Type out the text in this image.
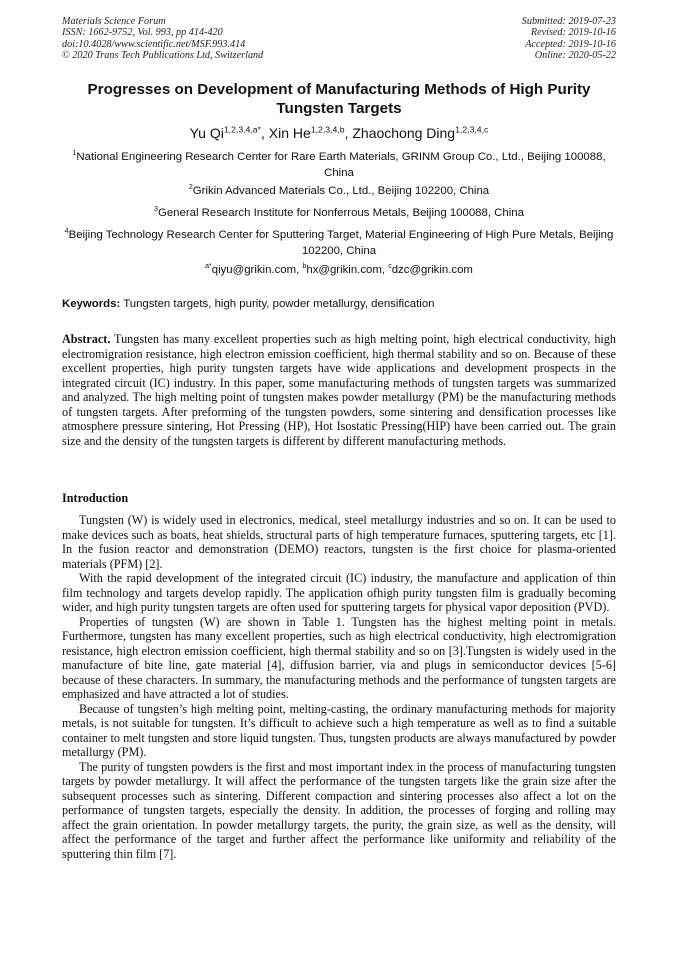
Materials Science Forum
ISSN: 1662-9752, Vol. 993, pp 414-420
doi:10.4028/www.scientific.net/MSF.993.414
© 2020 Trans Tech Publications Ltd, Switzerland
Submitted: 2019-07-23
Revised: 2019-10-16
Accepted: 2019-10-16
Online: 2020-05-22
Progresses on Development of Manufacturing Methods of High Purity Tungsten Targets
Yu $Qi^{1,2,3,4,a*}$, Xin He$^{1,2,3,4,b}$, Zhaochong Ding$^{1,2,3,4,c}$
$^1$National Engineering Research Center for Rare Earth Materials, GRINM Group Co., Ltd., Beijing 100088, China
$^2$Grikin Advanced Materials Co., Ltd., Beijing 102200, China
$^3$General Research Institute for Nonferrous Metals, Beijing 100088, China
$^4$Beijing Technology Research Center for Sputtering Target, Material Engineering of High Pure Metals, Beijing 102200, China
$^{a*}$qiyu@grikin.com, $^b$hx@grikin.com, $^c$dzc@grikin.com
Keywords: Tungsten targets, high purity, powder metallurgy, densification
Abstract. Tungsten has many excellent properties such as high melting point, high electrical conductivity, high electromigration resistance, high electron emission coefficient, high thermal stability and so on. Because of these excellent properties, high purity tungsten targets have wide applications and development prospects in the integrated circuit (IC) industry. In this paper, some manufacturing methods of tungsten targets was summarized and analyzed. The high melting point of tungsten makes powder metallurgy (PM) be the manufacturing methods of tungsten targets. After preforming of the tungsten powders, some sintering and densification processes like atmosphere pressure sintering, Hot Pressing (HP), Hot Isostatic Pressing(HIP) have been carried out. The grain size and the density of the tungsten targets is different by different manufacturing methods.
Introduction

Tungsten (W) is widely used in electronics, medical, steel metallurgy industries and so on. It can be used to make devices such as boats, heat shields, structural parts of high temperature furnaces, sputtering targets, etc [1]. In the fusion reactor and demonstration (DEMO) reactors, tungsten is the first choice for plasma-oriented materials (PFM) [2].

With the rapid development of the integrated circuit (IC) industry, the manufacture and application of thin film technology and targets develop rapidly. The application ofhigh purity tungsten film is gradually becoming wider, and high purity tungsten targets are often used for sputtering targets for physical vapor deposition (PVD).

Properties of tungsten (W) are shown in Table 1. Tungsten has the highest melting point in metals. Furthermore, tungsten has many excellent properties, such as high electrical conductivity, high electromigration resistance, high electron emission coefficient, high thermal stability and so on [3].Tungsten is widely used in the manufacture of bite line, gate material [4], diffusion barrier, via and plugs in semiconductor devices [5-6] because of these characters. In summary, the manufacturing methods and the performance of tungsten targets are emphasized and have attracted a lot of studies.

Because of tungsten’s high melting point, melting-casting, the ordinary manufacturing methods for majority metals, is not suitable for tungsten. It’s difficult to achieve such a high temperature as well as to find a suitable container to melt tungsten and store liquid tungsten. Thus, tungsten products are always manufactured by powder metallurgy (PM).

The purity of tungsten powders is the first and most important index in the process of manufacturing tungsten targets by powder metallurgy. It will affect the performance of the tungsten targets like the grain size after the subsequent processes such as sintering. Different compaction and sintering processes also affect a lot on the performance of tungsten targets, especially the density. In addition, the processes of forging and rolling may affect the grain orientation. In powder metallurgy targets, the purity, the grain size, as well as the density, will affect the performance of the target and further affect the performance like uniformity and reliability of the sputtering thin film [7].
